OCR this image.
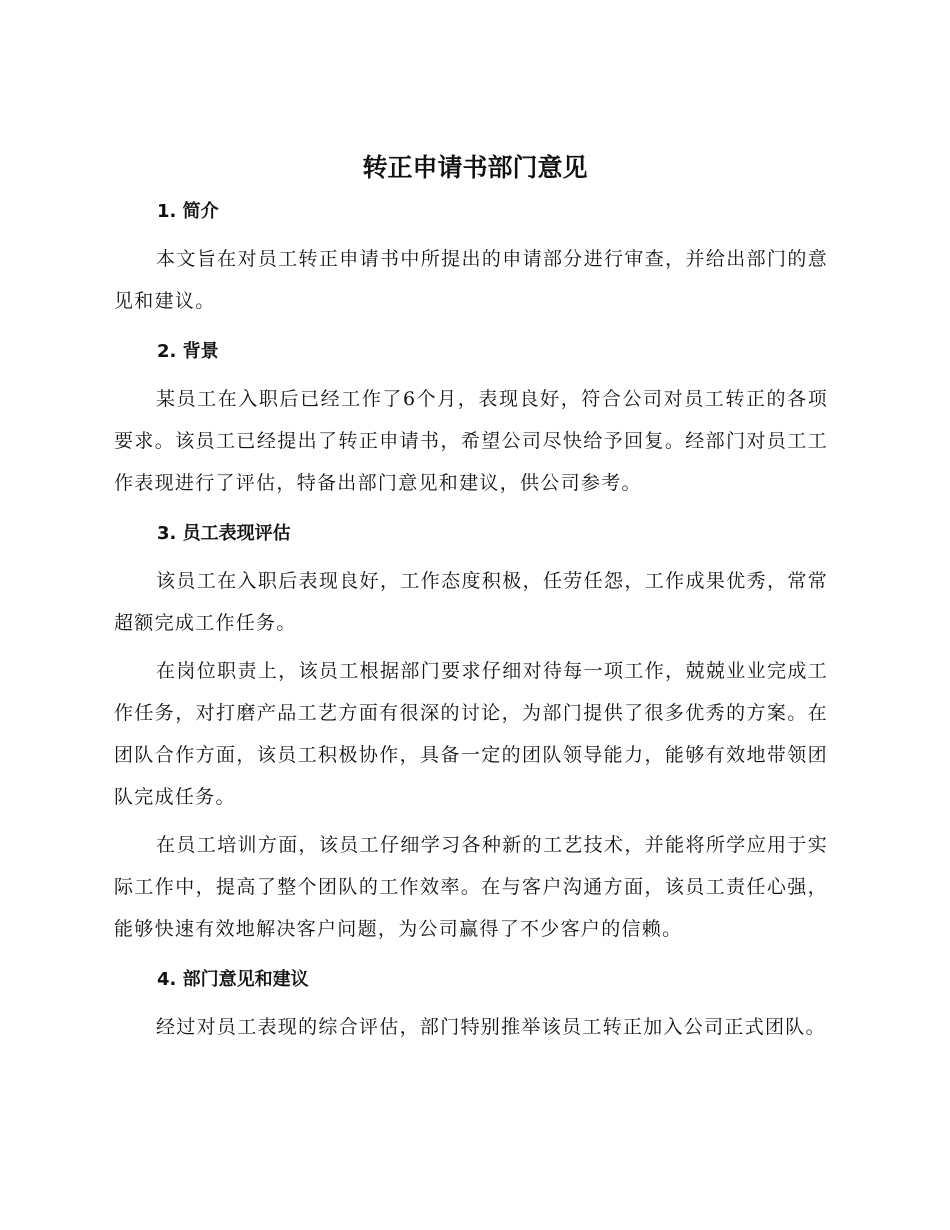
转正申请书部门意见
1. 简介

本文旨在对员工转正申请书中所提出的申请部分进行审查，并给出部门的意见和建议。

2. 背景

某员工在入职后已经工作了6个月，表现良好，符合公司对员工转正的各项要求。该员工已经提出了转正申请书，希望公司尽快给予回复。经部门对员工工作表现进行了评估，特备出部门意见和建议，供公司参考。

3. 员工表现评估

该员工在入职后表现良好，工作态度积极，任劳任怨，工作成果优秀，常常超额完成工作任务。

在岗位职责上，该员工根据部门要求仔细对待每一项工作，兢兢业业完成工作任务，对打磨产品工艺方面有很深的讨论，为部门提供了很多优秀的方案。在团队合作方面，该员工积极协作，具备一定的团队领导能力，能够有效地带领团队完成任务。

在员工培训方面，该员工仔细学习各种新的工艺技术，并能将所学应用于实际工作中，提高了整个团队的工作效率。在与客户沟通方面，该员工责任心强，能够快速有效地解决客户问题，为公司赢得了不少客户的信赖。

4. 部门意见和建议

经过对员工表现的综合评估，部门特别推举该员工转正加入公司正式团队。
